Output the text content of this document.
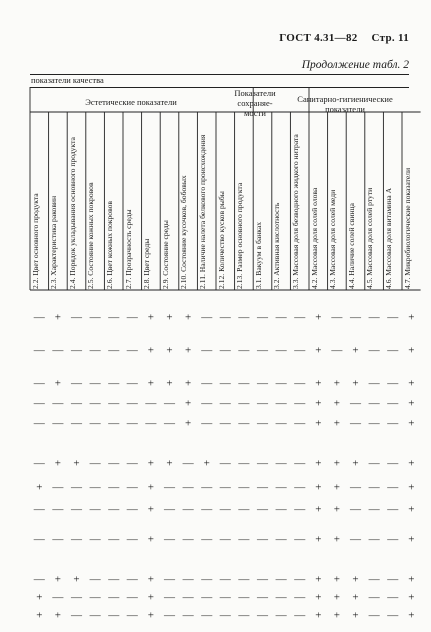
ГОСТ 4.31—82 Стр. 11
Продолжение табл. 2
показатели качества
Эстетические показатели
Показатели сохраняе-мости
Санитарно-гигиенические показатели
2.2. Цвет основного продукта	2.3. Характеристика раковин	2.4. Порядок укладывания основного продукта	2.5. Состояние кожных покровов	2.6. Цвет кожных покровов	2.7. Прозрачность среды	2.8. Цвет среды	2.9. Состояние среды	2.10. Состояние кусочков, бобовых	2.11. Наличие налета белкового происхождения	2.12. Количество кусков рыбы	2.13. Размер основного продукта	3.1. Вакуум в банках	3.2. Активная кислотность	3.3. Массовая доля безводного жидкого нитрата	4.2. Массовая доля солей олова	4.3. Массовая доля солей меди	4.4. Наличие солей свинца	4.5. Массовая доля солей ртути	4.6. Массовая доля витамина А	4.7. Микробиологические показатели
— + — — — — + + + — — — — — — + — — — — +
— — — — — — + + + — — — — — — + — + — — +
— + — — — — + + + — — — — — — + + + — — +
— — — — — — — — + — — — — — — + + — — — +
— — — — — — — — + — — — — — — + + — — — +
— + + — — — + + — + — — — — — + + + — — +
+ — — — — — + — — — — — — — — + + — — — +
— — — — — — + — — — — — — — — + + — — — +
— — — — — — + — — — — — — — — + + — — — +
— + + — — — + — — — — — — — — + + + — — +
+ — — — — — + — — — — — — — — + + + — — +
+ + — — — — + — — — — — — — — + + + — — +
